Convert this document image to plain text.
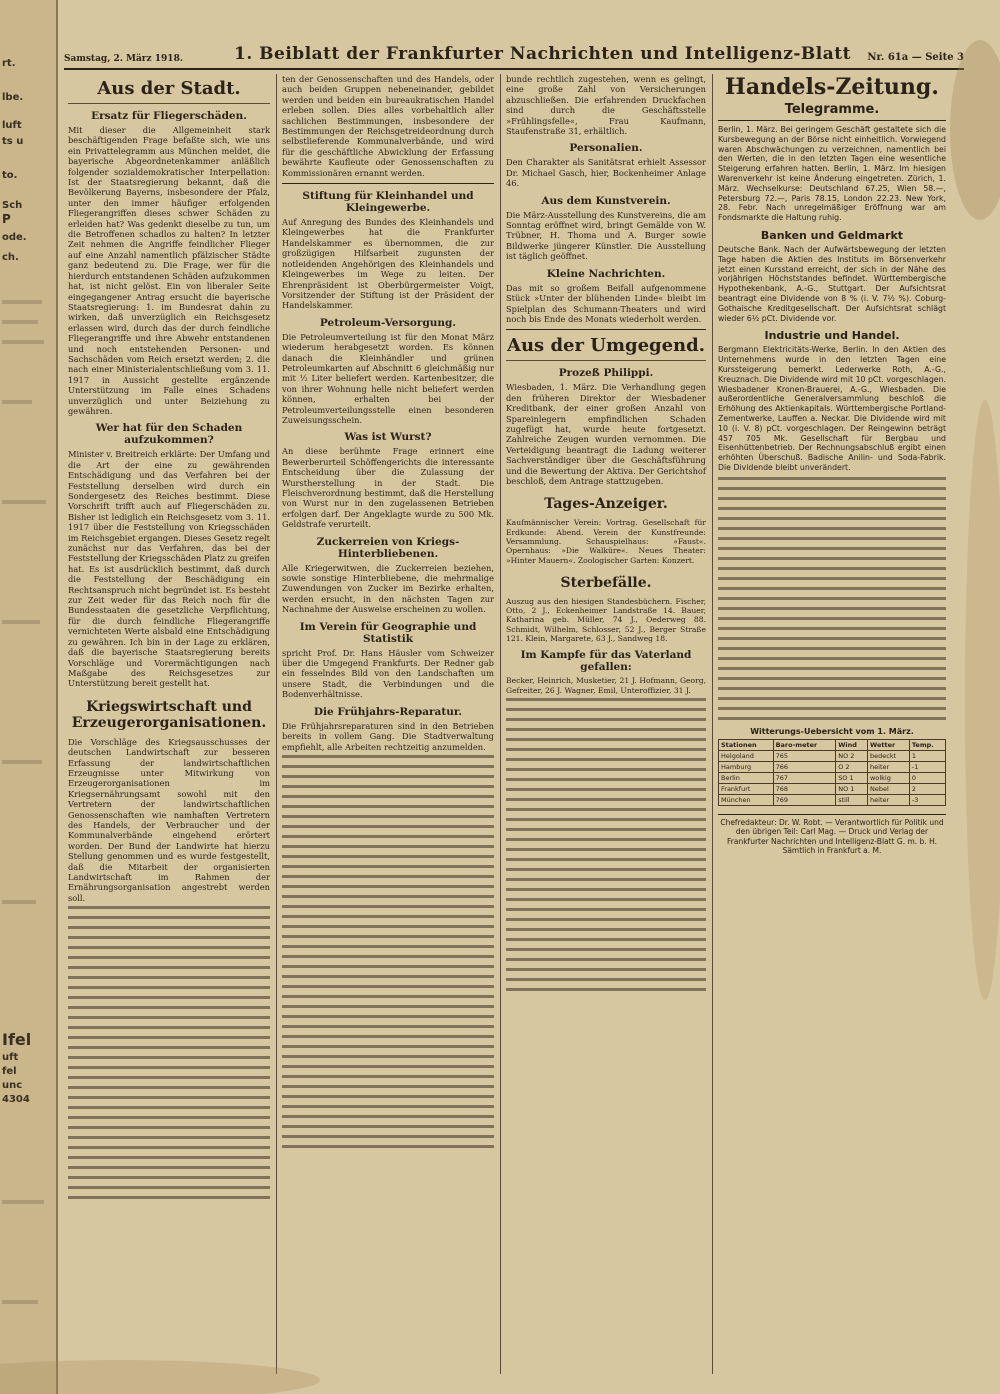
rt.
lbe.
luft
ts u
to.
Sch
P
ode.
ch.
Ifel
uft
fel
unc
4304
Samstag, 2. März 1918.	1. Beiblatt der Frankfurter Nachrichten und Intelligenz-Blatt Nr. 61a — Seite 3
Aus der Stadt.
Ersatz für Fliegerschäden.

Mit dieser die Allgemeinheit stark beschäftigenden Frage befaßte sich, wie uns ein Privattelegramm aus München meldet, die bayerische Abgeordnetenkammer anläßlich folgender sozialdemokratischer Interpellation: Ist der Staatsregierung bekannt, daß die Bevölkerung Bayerns, insbesondere der Pfalz, unter den immer häufiger erfolgenden Fliegerangriffen dieses schwer Schäden zu erleiden hat? Was gedenkt dieselbe zu tun, um die Betroffenen schadlos zu halten? In letzter Zeit nehmen die Angriffe feindlicher Flieger auf eine Anzahl namentlich pfälzischer Städte ganz bedeutend zu. Die Frage, wer für die hierdurch entstandenen Schäden aufzukommen hat, ist nicht gelöst. Ein von liberaler Seite eingegangener Antrag ersucht die bayerische Staatsregierung: 1. im Bundesrat dahin zu wirken, daß unverzüglich ein Reichsgesetz erlassen wird, durch das der durch feindliche Fliegerangriffe und ihre Abwehr entstandenen und noch entstehenden Personen- und Sachschäden vom Reich ersetzt werden; 2. die nach einer Ministerialentschließung vom 3. 11. 1917 in Aussicht gestellte ergänzende Unterstützung im Falle eines Schadens unverzüglich und unter Beiziehung zu gewähren.

Wer hat für den Schaden aufzukommen?

Minister v. Breitreich erklärte: Der Umfang und die Art der eine zu gewährenden Entschädigung und das Verfahren bei der Feststellung derselben wird durch ein Sondergesetz des Reiches bestimmt. Diese Vorschrift trifft auch auf Fliegerschäden zu. Bisher ist lediglich ein Reichsgesetz vom 3. 11. 1917 über die Feststellung von Kriegsschäden im Reichsgebiet ergangen. Dieses Gesetz regelt zunächst nur das Verfahren, das bei der Feststellung der Kriegsschäden Platz zu greifen hat. Es ist ausdrücklich bestimmt, daß durch die Feststellung der Beschädigung ein Rechtsanspruch nicht begründet ist. Es besteht zur Zeit weder für das Reich noch für die Bundesstaaten die gesetzliche Verpflichtung, für die durch feindliche Fliegerangriffe vernichteten Werte alsbald eine Entschädigung zu gewähren. Ich bin in der Lage zu erklären, daß die bayerische Staatsregierung bereits Vorschläge und Vorermächtigungen nach Maßgabe des Reichsgesetzes zur Unterstützung bereit gestellt hat.

Kriegswirtschaft und Erzeugerorganisationen.

Die Vorschläge des Kriegsausschusses der deutschen Landwirtschaft zur besseren Erfassung der landwirtschaftlichen Erzeugnisse unter Mitwirkung von Erzeugerorganisationen im Kriegsernährungsamt sowohl mit den Vertretern der landwirtschaftlichen Genossenschaften wie namhaften Vertretern des Handels, der Verbraucher und der Kommunalverbände eingehend erörtert worden. Der Bund der Landwirte hat hierzu Stellung genommen und es wurde festgestellt, daß die Mitarbeit der organisierten Landwirtschaft im Rahmen der Ernährungsorganisation angestrebt werden soll.

ten der Genossenschaften und des Handels, oder auch beiden Gruppen nebeneinander, gebildet werden und beiden ein bureaukratischen Handel erleben sollen. Dies alles vorbehaltlich aller sachlichen Bestimmungen, insbesondere der Bestimmungen der Reichsgetreideordnung durch selbstlieferende Kommunalverbände, und wird für die geschäftliche Abwicklung der Erfassung bewährte Kaufleute oder Genossenschaften zu Kommissionären ernannt werden.

Stiftung für Kleinhandel und Kleingewerbe.

Auf Anregung des Bundes des Kleinhandels und Kleingewerbes hat die Frankfurter Handelskammer es übernommen, die zur großzügigen Hilfsarbeit zugunsten der notleidenden Angehörigen des Kleinhandels und Kleingewerbes im Wege zu leiten. Der Ehrenpräsident ist Oberbürgermeister Voigt, Vorsitzender der Stiftung ist der Präsident der Handelskammer.

Petroleum-Versorgung.

Die Petroleumverteilung ist für den Monat März wiederum herabgesetzt worden. Es können danach die Kleinhändler und grünen Petroleumkarten auf Abschnitt 6 gleichmäßig nur mit ½ Liter beliefert werden. Kartenbesitzer, die von ihrer Wohnung helle nicht beliefert werden können, erhalten bei der Petroleumverteilungsstelle einen besonderen Zuweisungsschein.

Was ist Wurst?

An diese berühmte Frage erinnert eine Bewerberurteil Schöffengerichts die interessante Entscheidung über die Zulassung der Wurstherstellung in der Stadt. Die Fleischverordnung bestimmt, daß die Herstellung von Wurst nur in den zugelassenen Betrieben erfolgen darf. Der Angeklagte wurde zu 500 Mk. Geldstrafe verurteilt.

Zuckerreien von Kriegs-Hinterbliebenen.

Alle Kriegerwitwen, die Zuckerreien beziehen, sowie sonstige Hinterbliebene, die mehrmalige Zuwendungen von Zucker im Bezirke erhalten, werden ersucht, in den nächsten Tagen zur Nachnahme der Ausweise erscheinen zu wollen.

Im Verein für Geographie und Statistik

spricht Prof. Dr. Hans Häusler vom Schweizer über die Umgegend Frankfurts. Der Redner gab ein fesselndes Bild von den Landschaften um unsere Stadt, die Verbindungen und die Bodenverhältnisse.

Die Frühjahrs-Reparatur.

Die Frühjahrsreparaturen sind in den Betrieben bereits in vollem Gang. Die Stadtverwaltung empfiehlt, alle Arbeiten rechtzeitig anzumelden.

bunde rechtlich zugestehen, wenn es gelingt, eine große Zahl von Versicherungen abzuschließen. Die erfahrenden Druckfachen sind durch die Geschäftsstelle »Frühlingsfelle«, Frau Kaufmann, Staufenstraße 31, erhältlich.

Personalien.

Den Charakter als Sanitätsrat erhielt Assessor Dr. Michael Gasch, hier, Bockenheimer Anlage 46.

Aus dem Kunstverein.

Die März-Ausstellung des Kunstvereins, die am Sonntag eröffnet wird, bringt Gemälde von W. Trübner, H. Thoma und A. Burger sowie Bildwerke jüngerer Künstler. Die Ausstellung ist täglich geöffnet.

Kleine Nachrichten.

Das mit so großem Beifall aufgenommene Stück »Unter der blühenden Linde« bleibt im Spielplan des Schumann-Theaters und wird noch bis Ende des Monats wiederholt werden.

Aus der Umgegend.
Prozeß Philippi.

Wiesbaden, 1. März. Die Verhandlung gegen den früheren Direktor der Wiesbadener Kreditbank, der einer großen Anzahl von Spareinlegern empfindlichen Schaden zugefügt hat, wurde heute fortgesetzt. Zahlreiche Zeugen wurden vernommen. Die Verteidigung beantragt die Ladung weiterer Sachverständiger über die Geschäftsführung und die Bewertung der Aktiva. Der Gerichtshof beschloß, dem Antrage stattzugeben.

Tages-Anzeiger.

Kaufmännischer Verein: Vortrag. Gesellschaft für Erdkunde: Abend. Verein der Kunstfreunde: Versammlung. Schauspielhaus: »Faust«. Opernhaus: »Die Walküre«. Neues Theater: »Hinter Mauern«. Zoologischer Garten: Konzert.

Sterbefälle.

Auszug aus den hiesigen Standesbüchern. Fischer, Otto, 2 J., Eckenheimer Landstraße 14. Bauer, Katharina geb. Müller, 74 J., Oederweg 88. Schmidt, Wilhelm, Schlosser, 52 J., Berger Straße 121. Klein, Margarete, 63 J., Sandweg 18.

Im Kampfe für das Vaterland gefallen:

Becker, Heinrich, Musketier, 21 J. Hofmann, Georg, Gefreiter, 26 J. Wagner, Emil, Unteroffizier, 31 J.

Handels-Zeitung.
Telegramme.

Berlin, 1. März. Bei geringem Geschäft gestaltete sich die Kursbewegung an der Börse nicht einheitlich. Vorwiegend waren Abschwächungen zu verzeichnen, namentlich bei den Werten, die in den letzten Tagen eine wesentliche Steigerung erfahren hatten. Berlin, 1. März. Im hiesigen Warenverkehr ist keine Änderung eingetreten. Zürich, 1. März. Wechselkurse: Deutschland 67.25, Wien 58.—, Petersburg 72.—, Paris 78.15, London 22.23. New York, 28. Febr. Nach unregelmäßiger Eröffnung war am Fondsmarkte die Haltung ruhig.

Banken und Geldmarkt

Deutsche Bank. Nach der Aufwärtsbewegung der letzten Tage haben die Aktien des Instituts im Börsenverkehr jetzt einen Kursstand erreicht, der sich in der Nähe des vorjährigen Höchststandes befindet. Württembergische Hypothekenbank, A.-G., Stuttgart. Der Aufsichtsrat beantragt eine Dividende von 8 % (i. V. 7½ %). Coburg-Gothaische Kreditgesellschaft. Der Aufsichtsrat schlägt wieder 6½ pCt. Dividende vor.

Industrie und Handel.

Bergmann Elektricitäts-Werke, Berlin. In den Aktien des Unternehmens wurde in den letzten Tagen eine Kurssteigerung bemerkt. Lederwerke Roth, A.-G., Kreuznach. Die Dividende wird mit 10 pCt. vorgeschlagen. Wiesbadener Kronen-Brauerei, A.-G., Wiesbaden. Die außerordentliche Generalversammlung beschloß die Erhöhung des Aktienkapitals. Württembergische Portland-Zementwerke, Lauffen a. Neckar. Die Dividende wird mit 10 (i. V. 8) pCt. vorgeschlagen. Der Reingewinn beträgt 457 705 Mk. Gesellschaft für Bergbau und Eisenhüttenbetrieb. Der Rechnungsabschluß ergibt einen erhöhten Überschuß. Badische Anilin- und Soda-Fabrik. Die Dividende bleibt unverändert.

Witterungs-Uebersicht vom 1. März.
Stationen	Baro-meter	Wind	Wetter	Temp.
Helgoland	765	NO 2	bedeckt	1
Hamburg	766	O 2	heiter	-1
Berlin	767	SO 1	wolkig	0
Frankfurt	768	NO 1	Nebel	2
München	769	still	heiter	-3
Chefredakteur: Dr. W. Robt. — Verantwortlich für Politik und den übrigen Teil: Carl Mag. — Druck und Verlag der Frankfurter Nachrichten und Intelligenz-Blatt G. m. b. H. Sämtlich in Frankfurt a. M.
